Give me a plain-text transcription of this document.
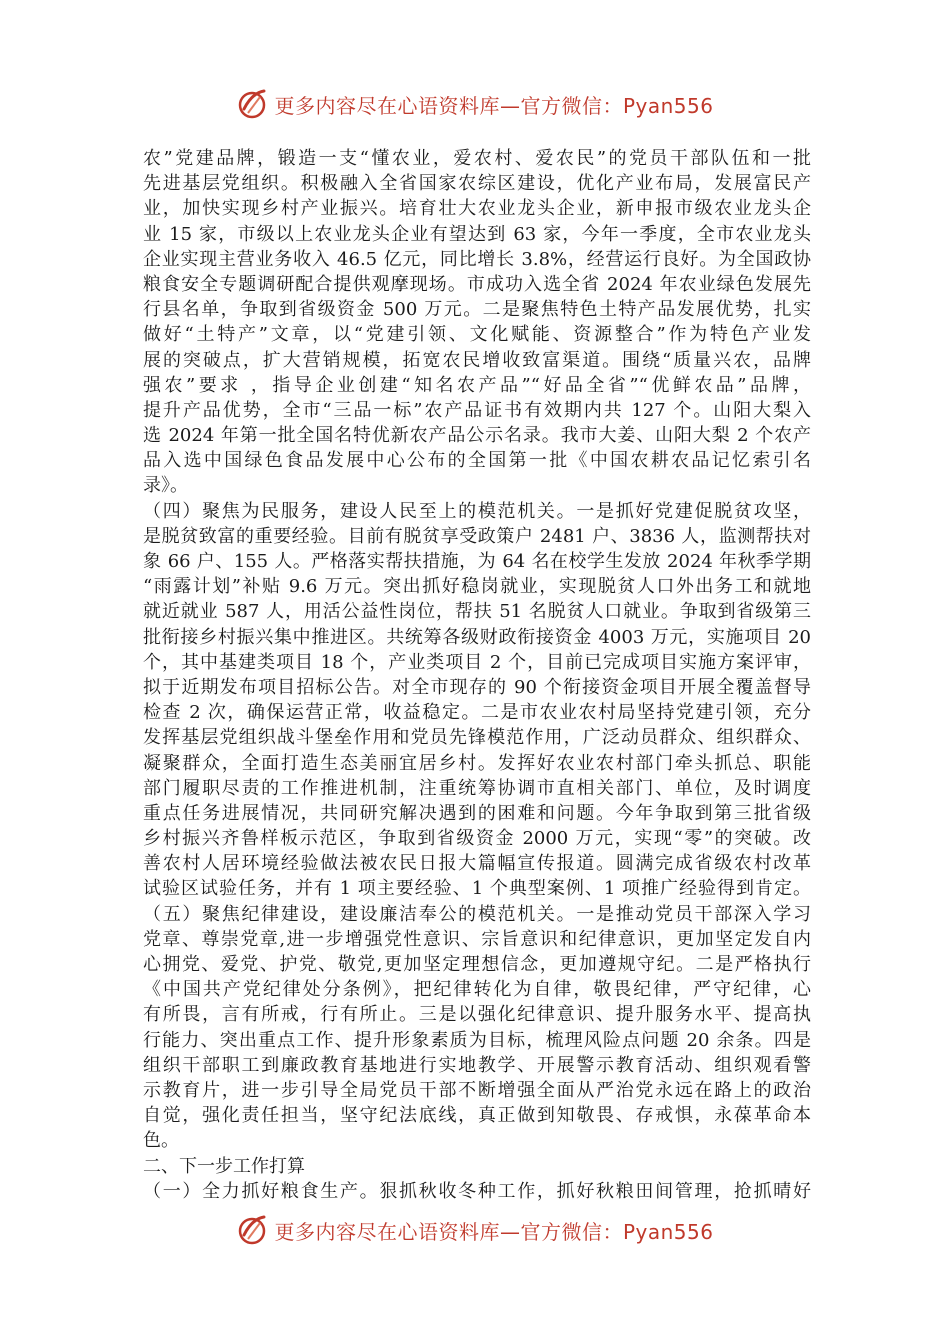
更多内容尽在心语资料库—官方微信：Pyan556
农”党建品牌，锻造一支“懂农业，爱农村、爱农民”的党员干部队伍和一批
先进基层党组织。积极融入全省国家农综区建设，优化产业布局，发展富民产
业，加快实现乡村产业振兴。培育壮大农业龙头企业，新申报市级农业龙头企
业 15 家，市级以上农业龙头企业有望达到 63 家，今年一季度，全市农业龙头
企业实现主营业务收入 46.5 亿元，同比增长 3.8%，经营运行良好。为全国政协
粮食安全专题调研配合提供观摩现场。市成功入选全省 2024 年农业绿色发展先
行县名单，争取到省级资金 500 万元。二是聚焦特色土特产品发展优势，扎实
做好“土特产”文章，以“党建引领、文化赋能、资源整合”作为特色产业发
展的突破点，扩大营销规模，拓宽农民增收致富渠道。围绕“质量兴农，品牌
强农”要求 ，指导企业创建“知名农产品”“好品全省”“优鲜农品”品牌，
提升产品优势，全市“三品一标”农产品证书有效期内共 127 个。山阳大梨入
选 2024 年第一批全国名特优新农产品公示名录。我市大姜、山阳大梨 2 个农产
品入选中国绿色食品发展中心公布的全国第一批《中国农耕农品记忆索引名
录》。
（四）聚焦为民服务，建设人民至上的模范机关。一是抓好党建促脱贫攻坚，
是脱贫致富的重要经验。目前有脱贫享受政策户 2481 户、3836 人，监测帮扶对
象 66 户、155 人。严格落实帮扶措施，为 64 名在校学生发放 2024 年秋季学期
“雨露计划”补贴 9.6 万元。突出抓好稳岗就业，实现脱贫人口外出务工和就地
就近就业 587 人，用活公益性岗位，帮扶 51 名脱贫人口就业。争取到省级第三
批衔接乡村振兴集中推进区。共统筹各级财政衔接资金 4003 万元，实施项目 20
个，其中基建类项目 18 个，产业类项目 2 个，目前已完成项目实施方案评审，
拟于近期发布项目招标公告。对全市现存的 90 个衔接资金项目开展全覆盖督导
检查 2 次，确保运营正常，收益稳定。二是市农业农村局坚持党建引领，充分
发挥基层党组织战斗堡垒作用和党员先锋模范作用，广泛动员群众、组织群众、
凝聚群众，全面打造生态美丽宜居乡村。发挥好农业农村部门牵头抓总、职能
部门履职尽责的工作推进机制，注重统筹协调市直相关部门、单位，及时调度
重点任务进展情况，共同研究解决遇到的困难和问题。今年争取到第三批省级
乡村振兴齐鲁样板示范区，争取到省级资金 2000 万元，实现“零”的突破。改
善农村人居环境经验做法被农民日报大篇幅宣传报道。圆满完成省级农村改革
试验区试验任务，并有 1 项主要经验、1 个典型案例、1 项推广经验得到肯定。
（五）聚焦纪律建设，建设廉洁奉公的模范机关。一是推动党员干部深入学习
党章、尊崇党章,进一步增强党性意识、宗旨意识和纪律意识，更加坚定发自内
心拥党、爱党、护党、敬党,更加坚定理想信念，更加遵规守纪。二是严格执行
《中国共产党纪律处分条例》，把纪律转化为自律，敬畏纪律，严守纪律，心
有所畏，言有所戒，行有所止。三是以强化纪律意识、提升服务水平、提高执
行能力、突出重点工作、提升形象素质为目标，梳理风险点问题 20 余条。四是
组织干部职工到廉政教育基地进行实地教学、开展警示教育活动、组织观看警
示教育片，进一步引导全局党员干部不断增强全面从严治党永远在路上的政治
自觉，强化责任担当，坚守纪法底线，真正做到知敬畏、存戒惧，永葆革命本
色。
二、下一步工作打算
（一）全力抓好粮食生产。狠抓秋收冬种工作，抓好秋粮田间管理，抢抓晴好
更多内容尽在心语资料库—官方微信：Pyan556
